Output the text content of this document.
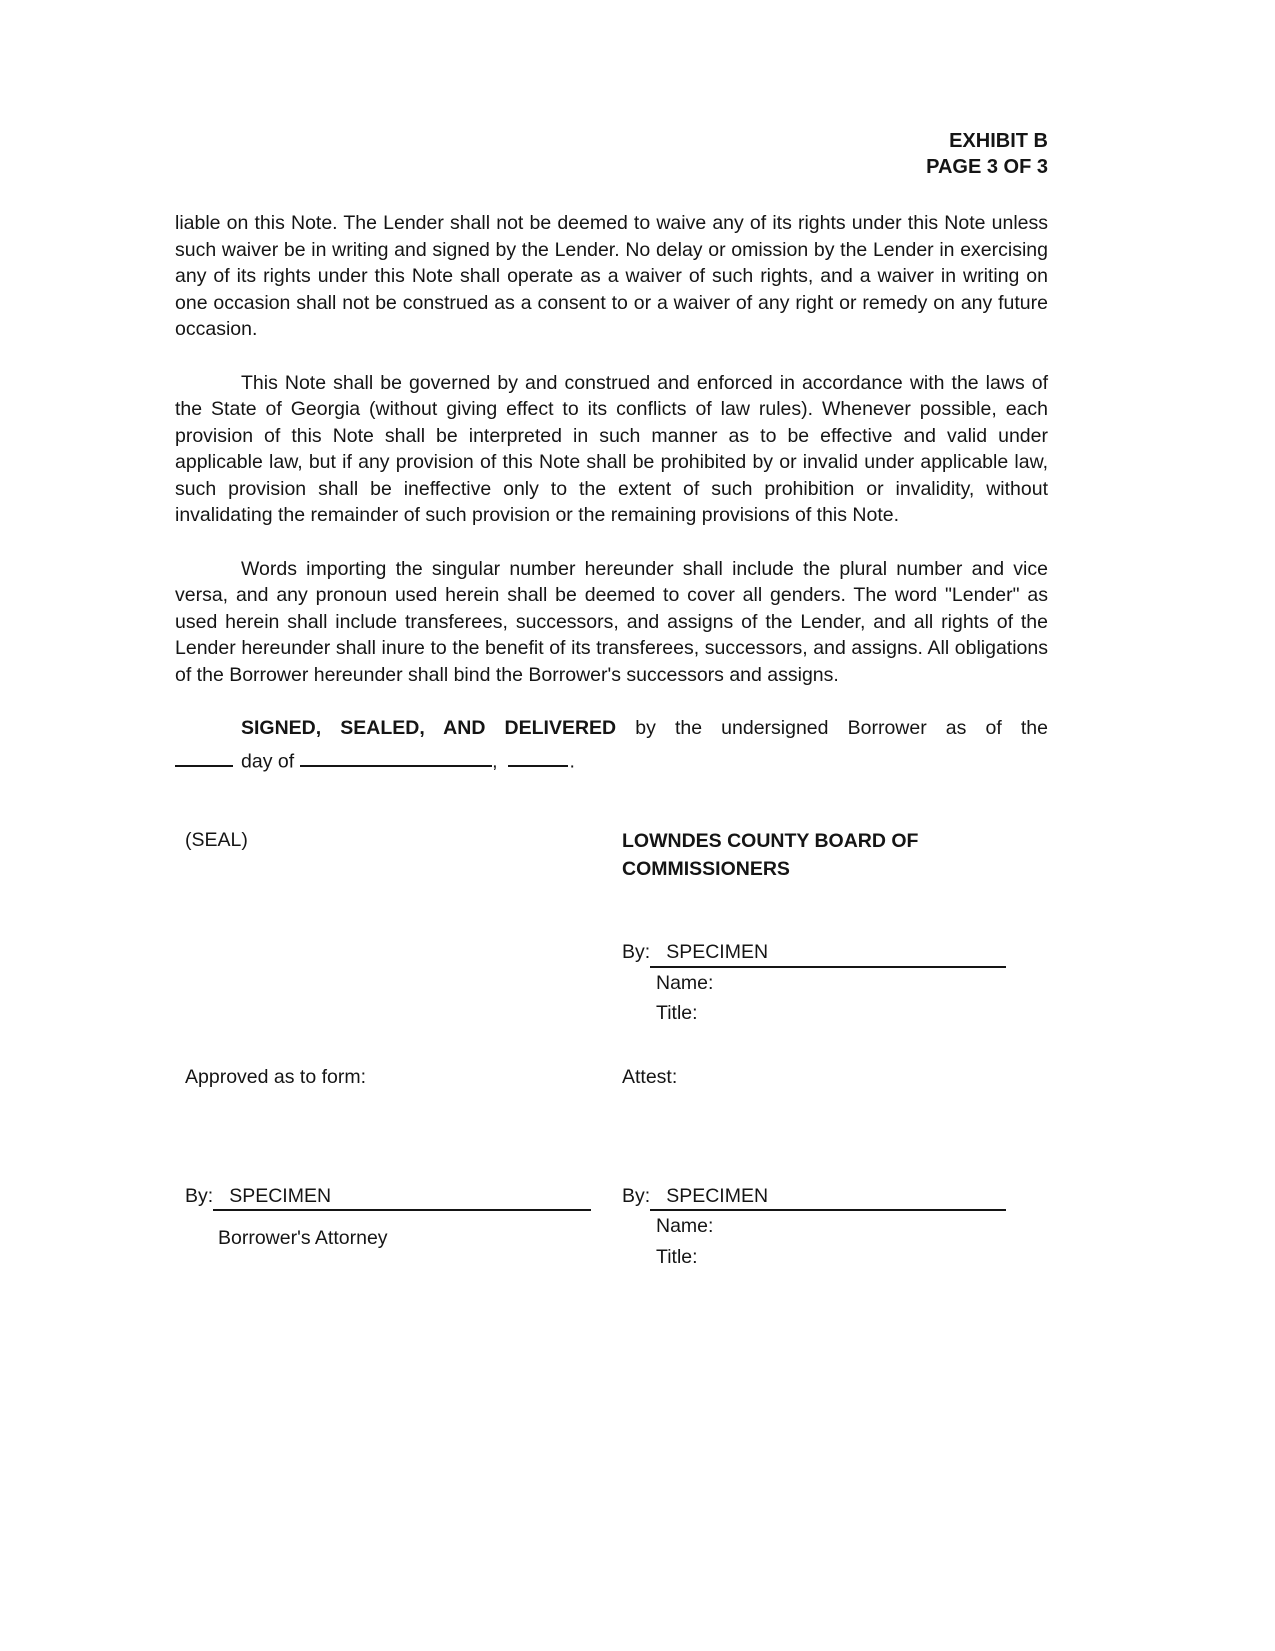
EXHIBIT B
PAGE 3 OF 3

liable on this Note. The Lender shall not be deemed to waive any of its rights under this Note unless such waiver be in writing and signed by the Lender. No delay or omission by the Lender in exercising any of its rights under this Note shall operate as a waiver of such rights, and a waiver in writing on one occasion shall not be construed as a consent to or a waiver of any right or remedy on any future occasion.

This Note shall be governed by and construed and enforced in accordance with the laws of the State of Georgia (without giving effect to its conflicts of law rules). Whenever possible, each provision of this Note shall be interpreted in such manner as to be effective and valid under applicable law, but if any provision of this Note shall be prohibited by or invalid under applicable law, such provision shall be ineffective only to the extent of such prohibition or invalidity, without invalidating the remainder of such provision or the remaining provisions of this Note.

Words importing the singular number hereunder shall include the plural number and vice versa, and any pronoun used herein shall be deemed to cover all genders. The word "Lender" as used herein shall include transferees, successors, and assigns of the Lender, and all rights of the Lender hereunder shall inure to the benefit of its transferees, successors, and assigns. All obligations of the Borrower hereunder shall bind the Borrower's successors and assigns.

SIGNED, SEALED, AND DELIVERED by the undersigned Borrower as of the
day of	,	.
(SEAL)	LOWNDES COUNTY BOARD OF
COMMISSIONERS
By: SPECIMEN
Name:
Title:
Approved as to form:	Attest:
By: SPECIMEN
Borrower's Attorney
By: SPECIMEN
Name:
Title:
